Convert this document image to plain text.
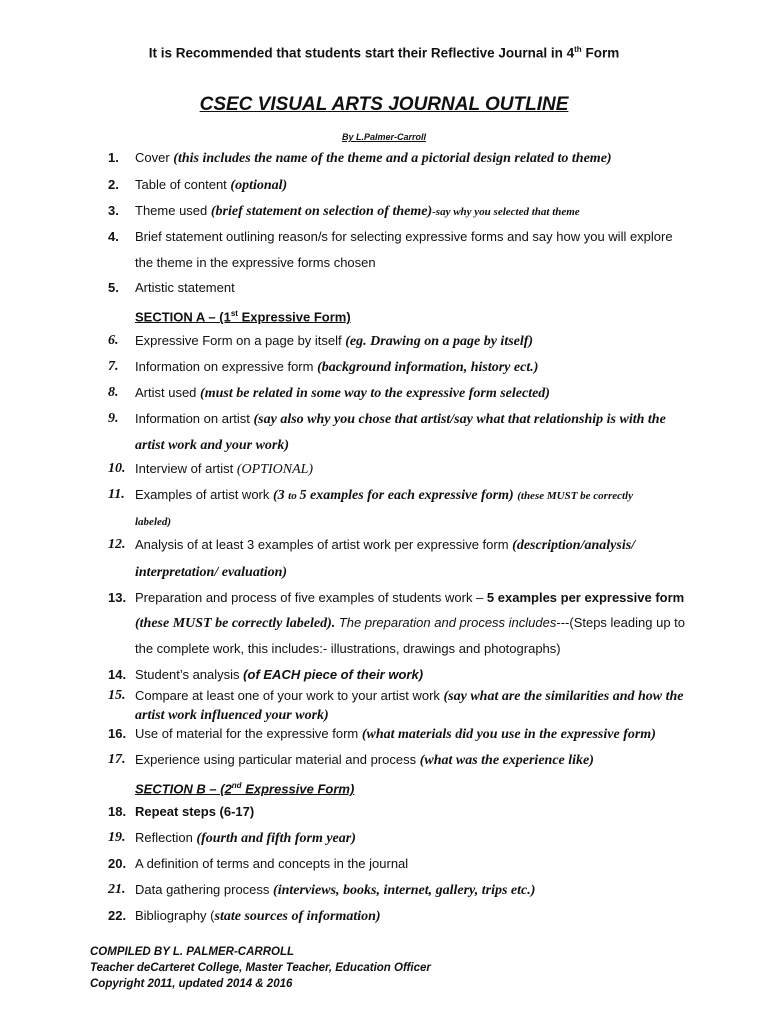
It is Recommended that students start their Reflective Journal in 4th Form
CSEC VISUAL ARTS JOURNAL OUTLINE
By L.Palmer-Carroll
1.	Cover (this includes the name of the theme and a pictorial design related to theme)
2.	Table of content (optional)
3.	Theme used (brief statement on selection of theme)-say why you selected that theme
4.	Brief statement outlining reason/s for selecting expressive forms and say how you will explore
the theme in the expressive forms chosen
5.	Artistic statement
SECTION A – (1st Expressive Form)
6.	Expressive Form on a page by itself (eg. Drawing on a page by itself)
7.	Information on expressive form (background information, history ect.)
8.	Artist used (must be related in some way to the expressive form selected)
9.	Information on artist (say also why you chose that artist/say what that relationship is with the
artist work and your work)
10. Interview of artist (OPTIONAL)
11. Examples of artist work (3 to 5 examples for each expressive form) (these MUST be correctly
labeled)
12. Analysis of at least 3 examples of artist work per expressive form (description/analysis/
interpretation/ evaluation)
13. Preparation and process of five examples of students work – 5 examples per expressive form
(these MUST be correctly labeled). The preparation and process includes---(Steps leading up to
the complete work, this includes:- illustrations, drawings and photographs)
14. Student’s analysis (of EACH piece of their work)
15. Compare at least one of your work to your artist work (say what are the similarities and how the
artist work influenced your work)
16. Use of material for the expressive form (what materials did you use in the expressive form)
17. Experience using particular material and process (what was the experience like)
SECTION B – (2nd Expressive Form)
18. Repeat steps (6-17)
19. Reflection (fourth and fifth form year)
20. A definition of terms and concepts in the journal
21. Data gathering process (interviews, books, internet, gallery, trips etc.)
22. Bibliography (state sources of information)
COMPILED BY L. PALMER-CARROLL
Teacher deCarteret College, Master Teacher, Education Officer
Copyright 2011, updated 2014 & 2016
